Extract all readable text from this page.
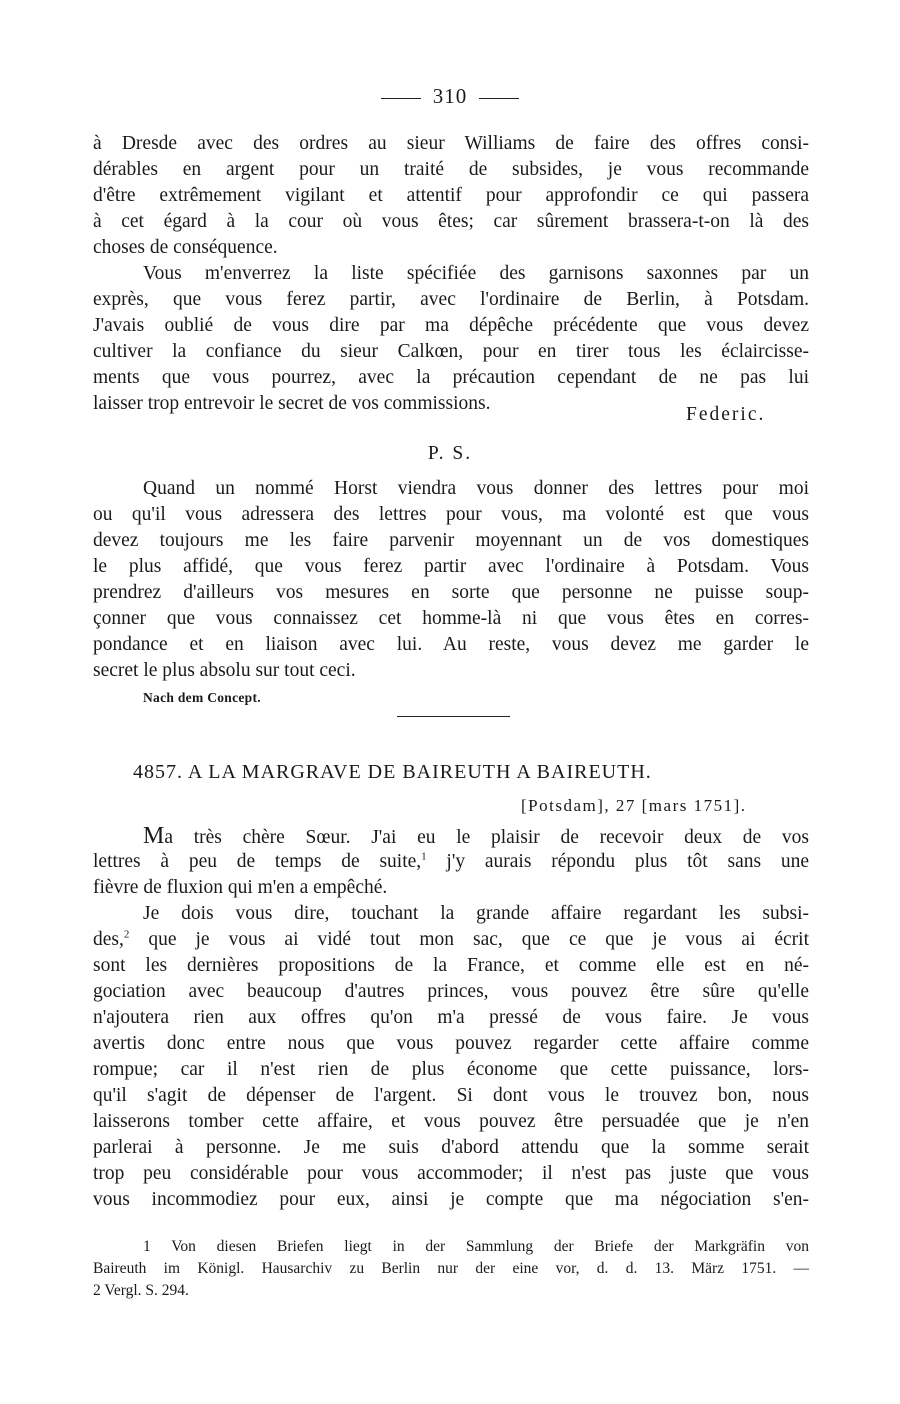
310
à Dresde avec des ordres au sieur Williams de faire des offres consi-
dérables en argent pour un traité de subsides, je vous recommande
d'être extrêmement vigilant et attentif pour approfondir ce qui passera
à cet égard à la cour où vous êtes; car sûrement brassera-t-on là des
choses de conséquence.
Vous m'enverrez la liste spécifiée des garnisons saxonnes par un
exprès, que vous ferez partir, avec l'ordinaire de Berlin, à Potsdam.
J'avais oublié de vous dire par ma dépêche précédente que vous devez
cultiver la confiance du sieur Calkœn, pour en tirer tous les éclaircisse-
ments que vous pourrez, avec la précaution cependant de ne pas lui
laisser trop entrevoir le secret de vos commissions.
Federic.
P. S.
Quand un nommé Horst viendra vous donner des lettres pour moi
ou qu'il vous adressera des lettres pour vous, ma volonté est que vous
devez toujours me les faire parvenir moyennant un de vos domestiques
le plus affidé, que vous ferez partir avec l'ordinaire à Potsdam. Vous
prendrez d'ailleurs vos mesures en sorte que personne ne puisse soup-
çonner que vous connaissez cet homme-là ni que vous êtes en corres-
pondance et en liaison avec lui. Au reste, vous devez me garder le
secret le plus absolu sur tout ceci.
Nach dem Concept.
4857. A LA MARGRAVE DE BAIREUTH A BAIREUTH.
[Potsdam], 27 [mars 1751].
Ma très chère Sœur. J'ai eu le plaisir de recevoir deux de vos
lettres à peu de temps de suite,$^1$ j'y aurais répondu plus tôt sans une
fièvre de fluxion qui m'en a empêché.
Je dois vous dire, touchant la grande affaire regardant les subsi-
des,$^2$ que je vous ai vidé tout mon sac, que ce que je vous ai écrit
sont les dernières propositions de la France, et comme elle est en né-
gociation avec beaucoup d'autres princes, vous pouvez être sûre qu'elle
n'ajoutera rien aux offres qu'on m'a pressé de vous faire. Je vous
avertis donc entre nous que vous pouvez regarder cette affaire comme
rompue; car il n'est rien de plus économe que cette puissance, lors-
qu'il s'agit de dépenser de l'argent. Si dont vous le trouvez bon, nous
laisserons tomber cette affaire, et vous pouvez être persuadée que je n'en
parlerai à personne. Je me suis d'abord attendu que la somme serait
trop peu considérable pour vous accommoder; il n'est pas juste que vous
vous incommodiez pour eux, ainsi je compte que ma négociation s'en-
1 Von diesen Briefen liegt in der Sammlung der Briefe der Markgräfin von
Baireuth im Königl. Hausarchiv zu Berlin nur der eine vor, d. d. 13. März 1751. —
2 Vergl. S. 294.
